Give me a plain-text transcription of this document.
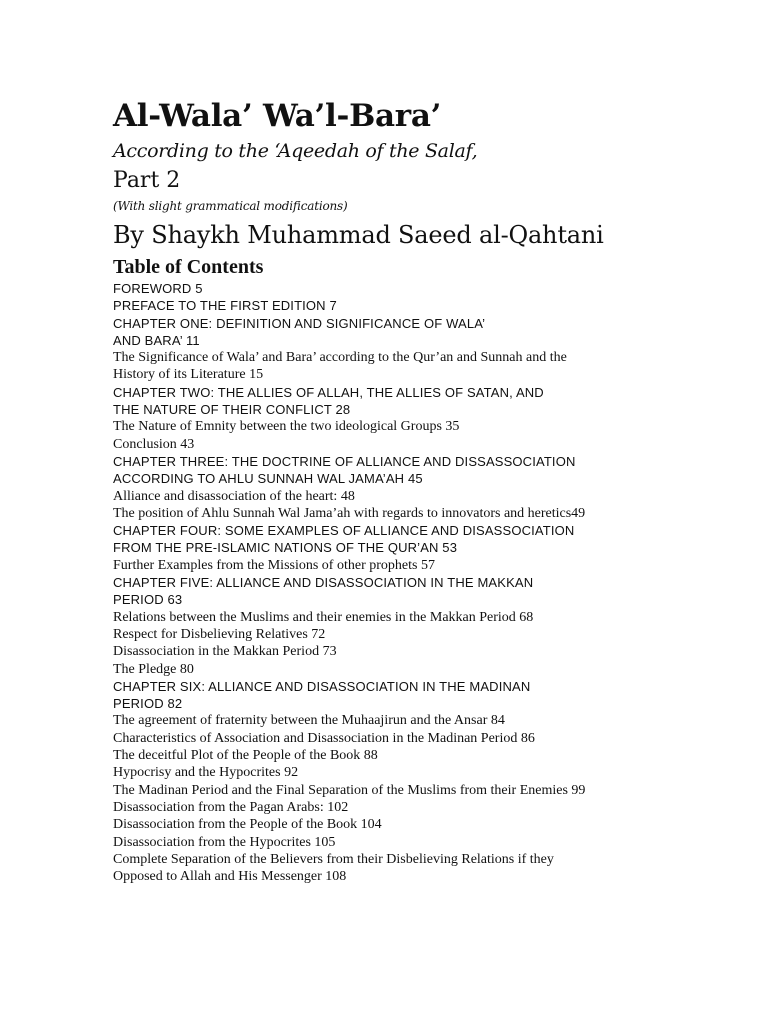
Al-Wala’ Wa’l-Bara’

According to the ‘Aqeedah of the Salaf,

Part 2

(With slight grammatical modifications)

By Shaykh Muhammad Saeed al-Qahtani

Table of Contents
FOREWORD 5
PREFACE TO THE FIRST EDITION 7
CHAPTER ONE: DEFINITION AND SIGNIFICANCE OF WALA’
AND BARA’ 11
The Significance of Wala’ and Bara’ according to the Qur’an and Sunnah and the
History of its Literature 15
CHAPTER TWO: THE ALLIES OF ALLAH, THE ALLIES OF SATAN, AND
THE NATURE OF THEIR CONFLICT 28
The Nature of Emnity between the two ideological Groups 35
Conclusion 43
CHAPTER THREE: THE DOCTRINE OF ALLIANCE AND DISSASSOCIATION
ACCORDING TO AHLU SUNNAH WAL JAMA’AH 45
Alliance and disassociation of the heart: 48
The position of Ahlu Sunnah Wal Jama’ah with regards to innovators and heretics49
CHAPTER FOUR: SOME EXAMPLES OF ALLIANCE AND DISASSOCIATION
FROM THE PRE-ISLAMIC NATIONS OF THE QUR’AN 53
Further Examples from the Missions of other prophets 57
CHAPTER FIVE: ALLIANCE AND DISASSOCIATION IN THE MAKKAN
PERIOD 63
Relations between the Muslims and their enemies in the Makkan Period 68
Respect for Disbelieving Relatives 72
Disassociation in the Makkan Period 73
The Pledge 80
CHAPTER SIX: ALLIANCE AND DISASSOCIATION IN THE MADINAN
PERIOD 82
The agreement of fraternity between the Muhaajirun and the Ansar 84
Characteristics of Association and Disassociation in the Madinan Period 86
The deceitful Plot of the People of the Book 88
Hypocrisy and the Hypocrites 92
The Madinan Period and the Final Separation of the Muslims from their Enemies 99
Disassociation from the Pagan Arabs: 102
Disassociation from the People of the Book 104
Disassociation from the Hypocrites 105
Complete Separation of the Believers from their Disbelieving Relations if they
Opposed to Allah and His Messenger 108
